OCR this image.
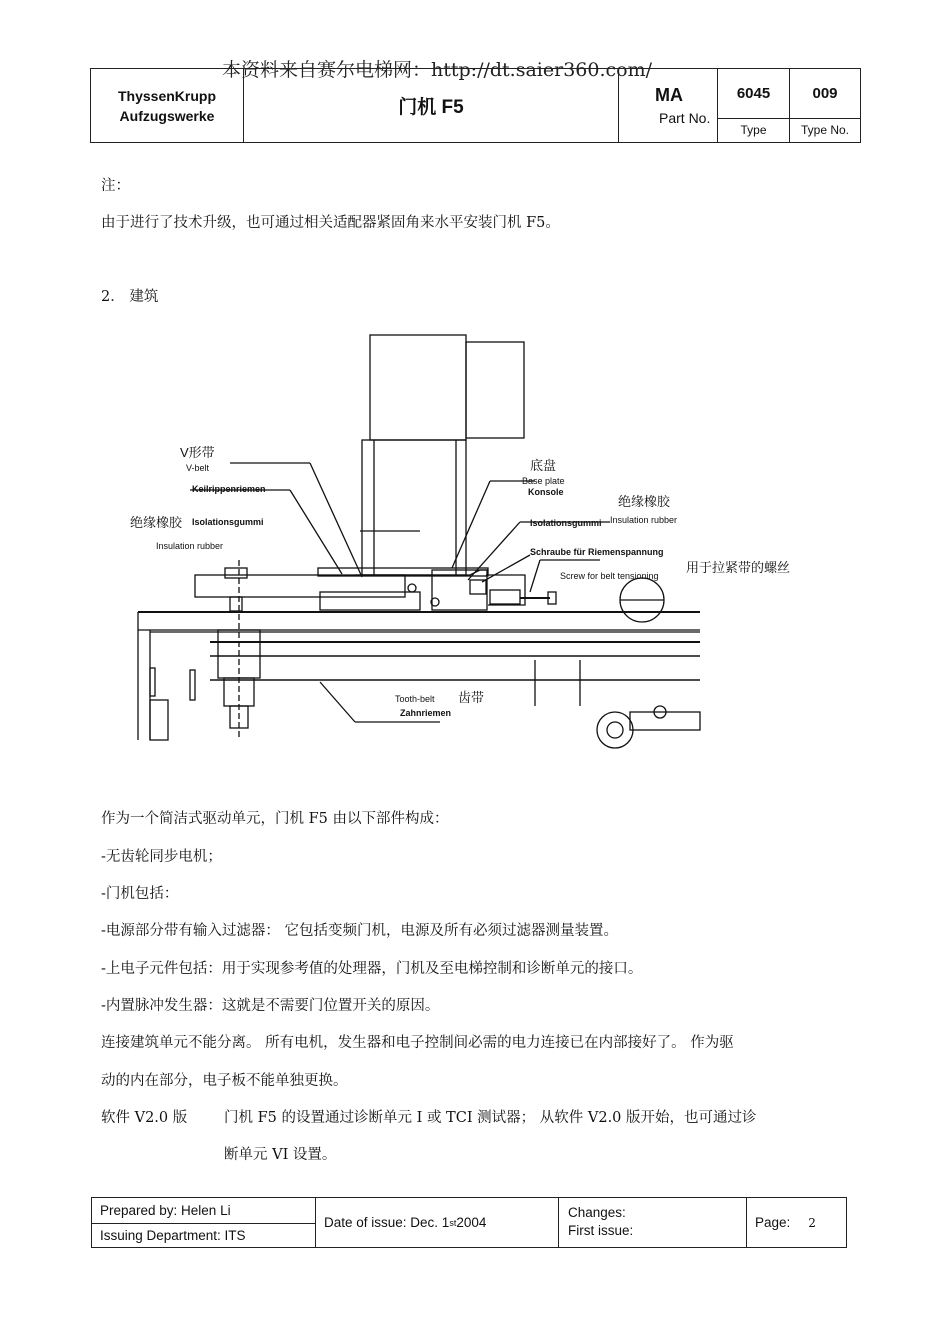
本资料来自赛尔电梯网：http://dt.saier360.com/
ThyssenKrupp
Aufzugswerke	门机 F5
MA
Part No.
6045
Type
009
Type No.
注：
由于进行了技术升级，也可通过相关适配器紧固角来水平安装门机 F5。
2． 建筑
V形带
V-belt
Keilrippenriemen
绝缘橡胶 Isolationsgummi
Insulation rubber
底盘
Base plate
Konsole
绝缘橡胶
Isolationsgummi Insulation rubber
Schraube für Riemenspannung
Screw for belt tensioning
用于拉紧带的螺丝
Tooth-belt
Zahnriemen
齿带
作为一个简洁式驱动单元，门机 F5 由以下部件构成：
-无齿轮同步电机；
-门机包括：
-电源部分带有输入过滤器： 它包括变频门机，电源及所有必须过滤器测量装置。
-上电子元件包括：用于实现参考值的处理器，门机及至电梯控制和诊断单元的接口。
-内置脉冲发生器：这就是不需要门位置开关的原因。
连接建筑单元不能分离。 所有电机，发生器和电子控制间必需的电力连接已在内部接好了。 作为驱
动的内在部分，电子板不能单独更换。
软件 V2.0 版	门机 F5 的设置通过诊断单元 I 或 TCI 测试器； 从软件 V2.0 版开始，也可通过诊
断单元 VI 设置。
Prepared by: Helen Li
Issuing Department: ITS
Date of issue: Dec. 1 st 2004
Changes:
First issue:
Page: 2
